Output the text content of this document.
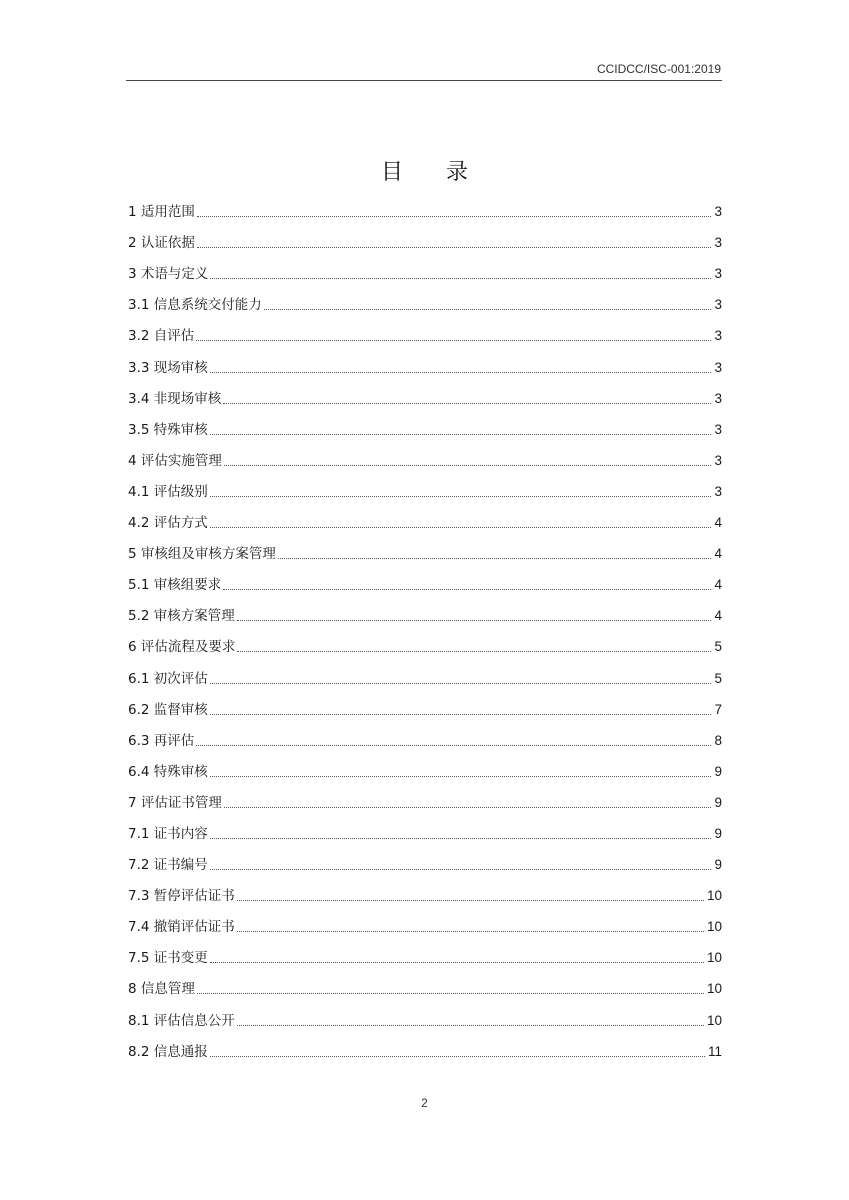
CCIDCC/ISC-001:2019
目 录
1 适用范围	3
2 认证依据	3
3 术语与定义	3
3.1 信息系统交付能力	3
3.2 自评估	3
3.3 现场审核	3
3.4 非现场审核	3
3.5 特殊审核	3
4 评估实施管理	3
4.1 评估级别	3
4.2 评估方式	4
5 审核组及审核方案管理	4
5.1 审核组要求	4
5.2 审核方案管理	4
6 评估流程及要求	5
6.1 初次评估	5
6.2 监督审核	7
6.3 再评估	8
6.4 特殊审核	9
7 评估证书管理	9
7.1 证书内容	9
7.2 证书编号	9
7.3 暂停评估证书	10
7.4 撤销评估证书	10
7.5 证书变更	10
8 信息管理	10
8.1 评估信息公开	10
8.2 信息通报	11
2
